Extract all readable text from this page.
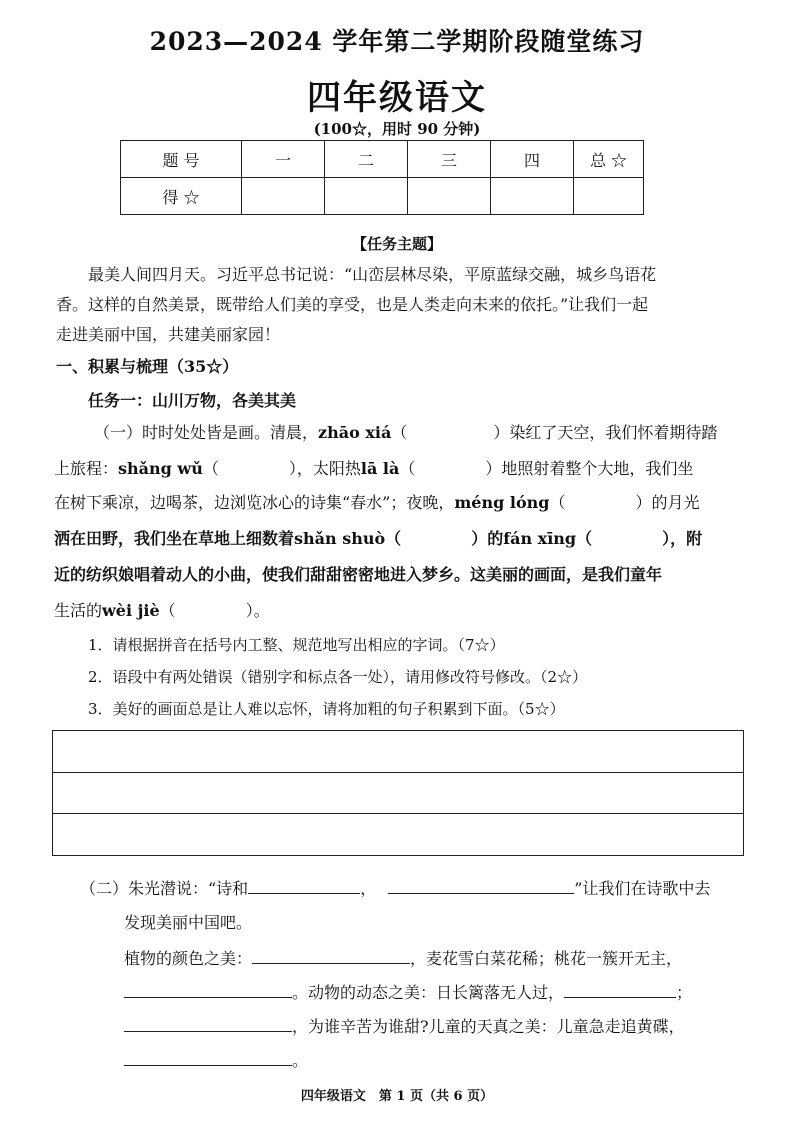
2023—2024 学年第二学期阶段随堂练习
四年级语文
(100☆，用时 90 分钟)
题 号	一	二	三	四	总 ☆
得 ☆					
【任务主题】
最美人间四月天。习近平总书记说：“山峦层林尽染，平原蓝绿交融，城乡鸟语花
香。这样的自然美景，既带给人们美的享受，也是人类走向未来的依托。”让我们一起
走进美丽中国，共建美丽家园！
一、积累与梳理（35☆）
任务一：山川万物，各美其美
（一）时时处处皆是画。清晨，zhāo xiá（	）染红了天空，我们怀着期待踏
上旅程：shǎng wǔ（	），太阳热lā là（	）地照射着整个大地，我们坐
在树下乘凉，边喝茶，边浏览冰心的诗集“春水”；夜晚，méng lóng（	）的月光
洒在田野，我们坐在草地上细数着shǎn shuò（	）的fán xīng（	），附
近的纺织娘唱着动人的小曲，使我们甜甜密密地进入梦乡。这美丽的画面，是我们童年
生活的wèi jiè（	）。
1．请根据拼音在括号内工整、规范地写出相应的字词。（7☆）
2．语段中有两处错误（错别字和标点各一处），请用修改符号修改。（2☆）
3．美好的画面总是让人难以忘怀，请将加粗的句子积累到下面。（5☆）
（二）朱光潜说：“诗和	，	”让我们在诗歌中去
发现美丽中国吧。
植物的颜色之美：	，麦花雪白菜花稀；桃花一簇开无主，
。动物的动态之美：日长篱落无人过，	；
，为谁辛苦为谁甜?儿童的天真之美：儿童急走追黄碟，
。
四年级语文　第 1 页（共 6 页）
